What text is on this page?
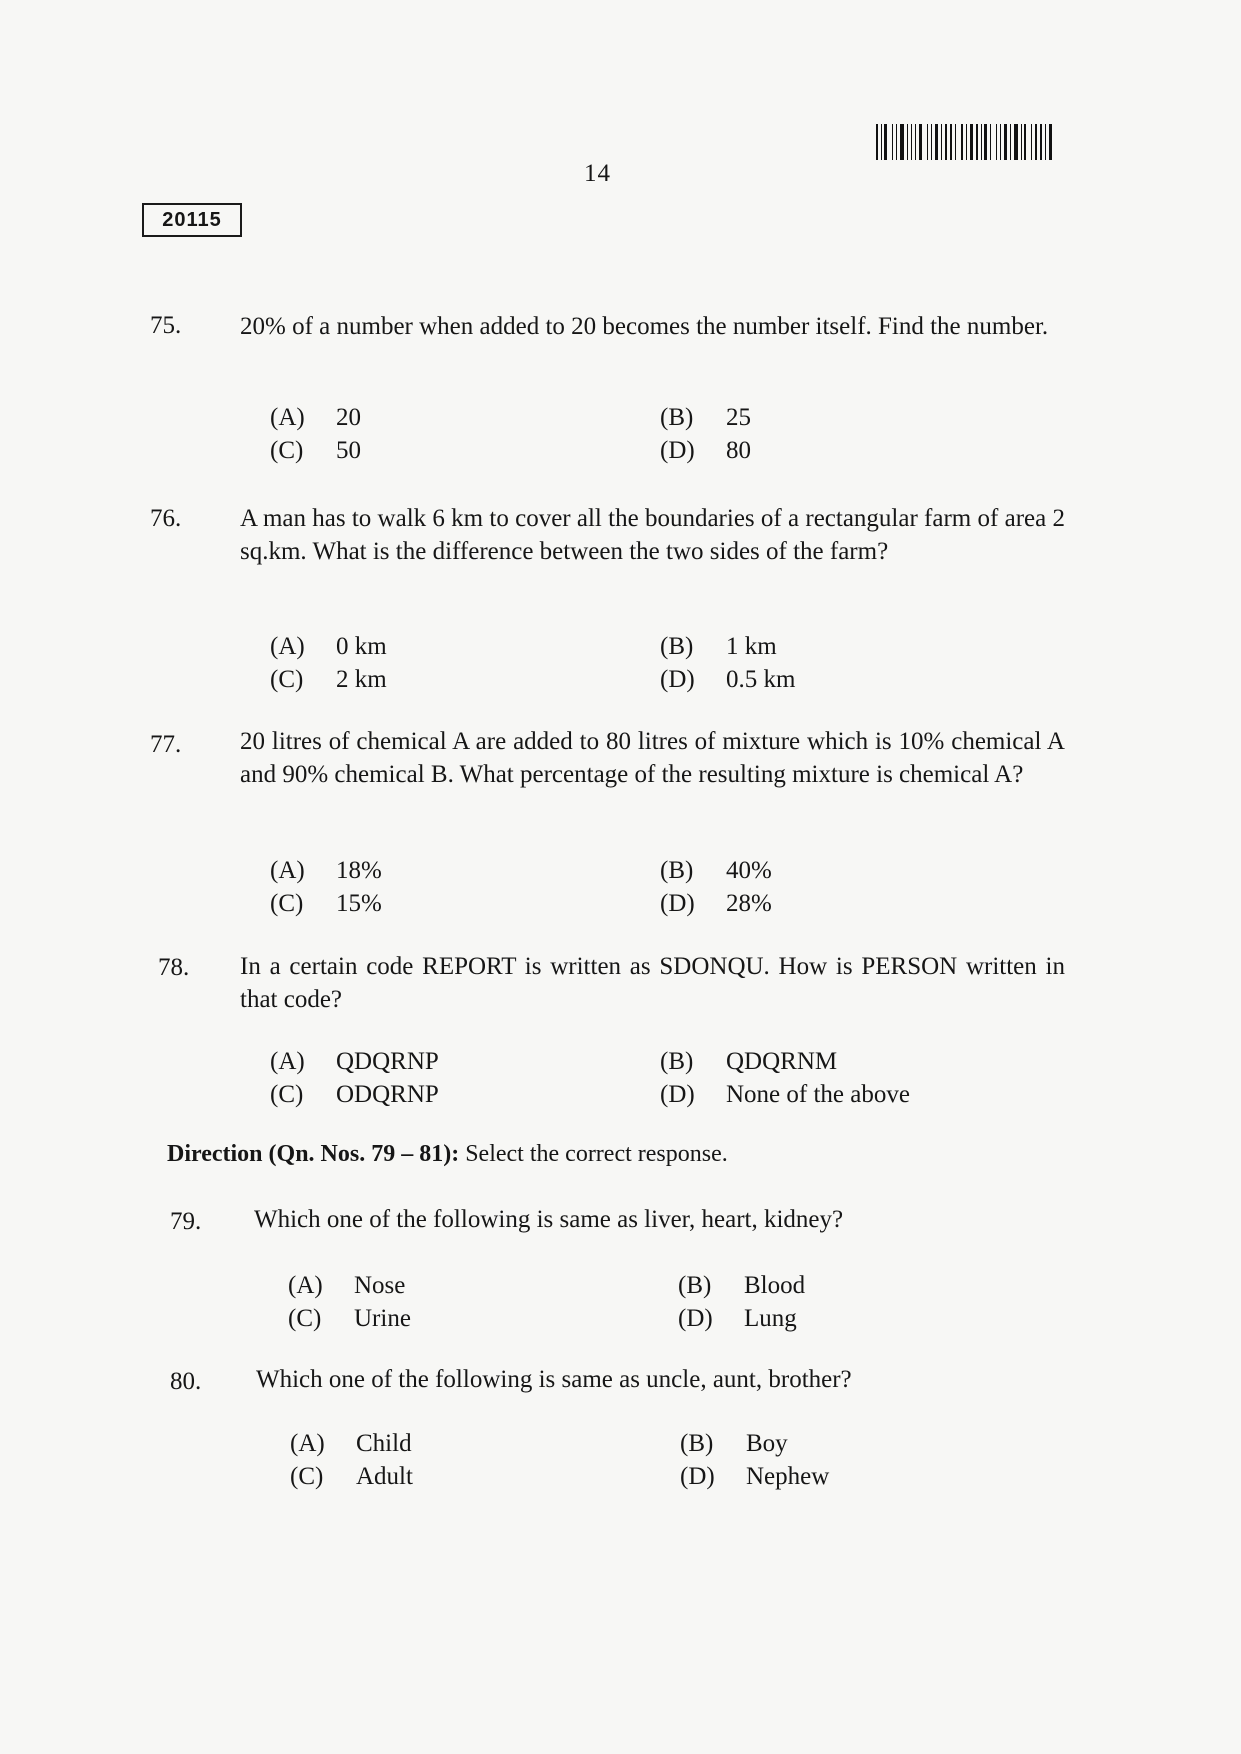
14
20115
75. 20% of a number when added to 20 becomes the number itself. Find the number.
(A) 20	(B) 25
(C) 50	(D) 80
76. A man has to walk 6 km to cover all the boundaries of a rectangular farm of area 2 sq.km. What is the difference between the two sides of the farm?
(A) 0 km	(B) 1 km
(C) 2 km	(D) 0.5 km
77. 20 litres of chemical A are added to 80 litres of mixture which is 10% chemical A and 90% chemical B. What percentage of the resulting mixture is chemical A?
(A) 18%	(B) 40%
(C) 15%	(D) 28%
78. In a certain code REPORT is written as SDONQU. How is PERSON written in that code?
(A) QDQRNP	(B) QDQRNM
(C) ODQRNP	(D) None of the above
Direction (Qn. Nos. 79 – 81): Select the correct response.
79. Which one of the following is same as liver, heart, kidney?
(A) Nose	(B) Blood
(C) Urine	(D) Lung
80. Which one of the following is same as uncle, aunt, brother?
(A) Child	(B) Boy
(C) Adult	(D) Nephew
